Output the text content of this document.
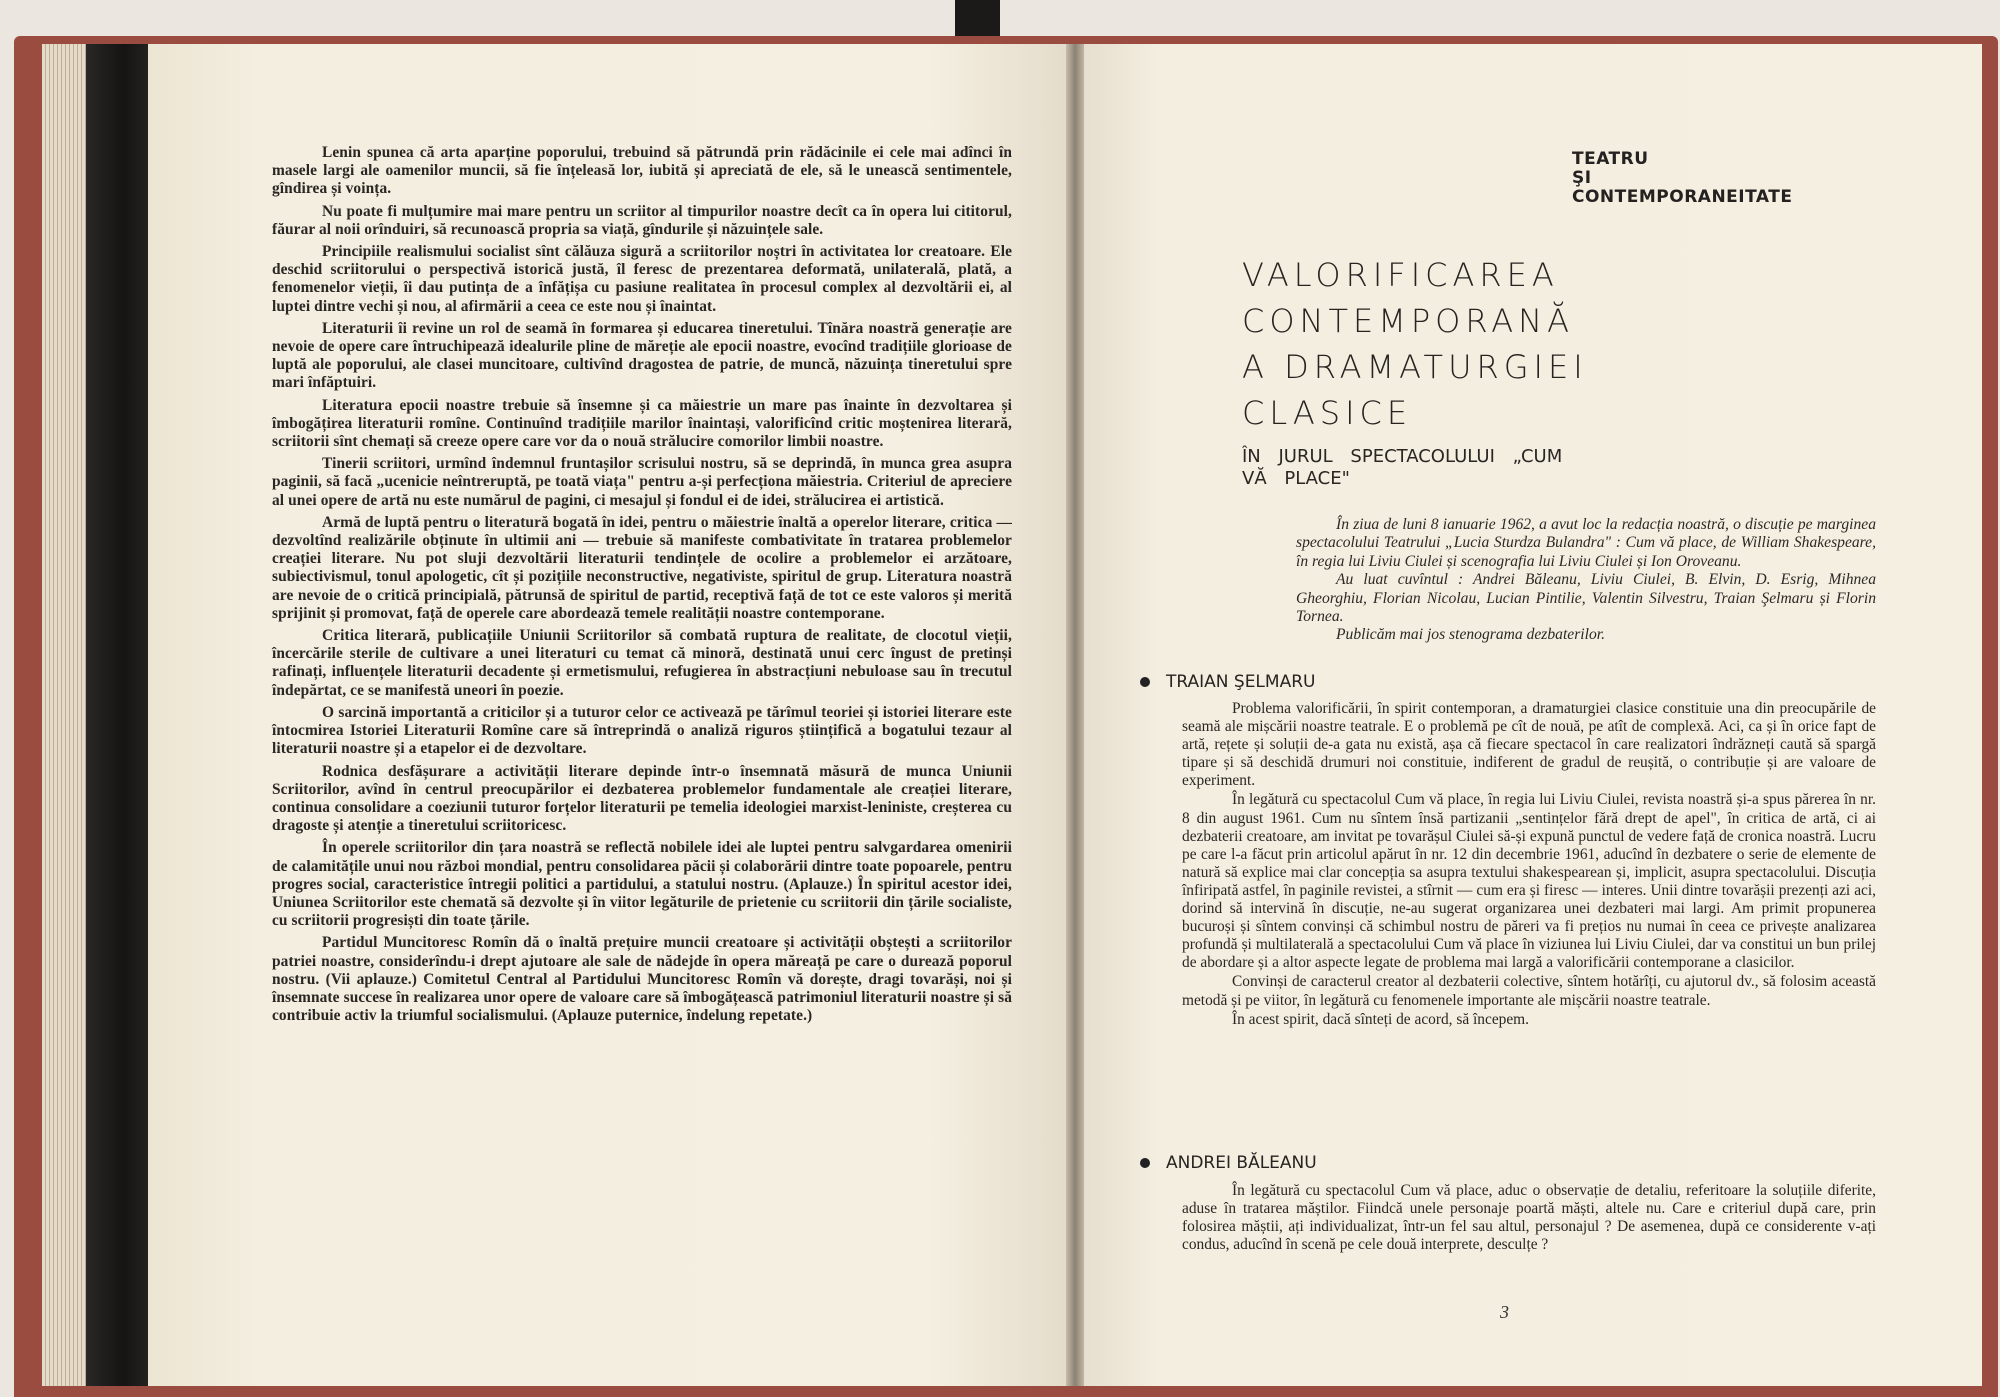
Lenin spunea că arta aparține poporului, trebuind să pătrundă prin rădăcinile ei cele mai adînci în masele largi ale oamenilor muncii, să fie înțeleasă lor, iubită și apreciată de ele, să le unească sentimentele, gîndirea și voința.

Nu poate fi mulțumire mai mare pentru un scriitor al timpurilor noastre decît ca în opera lui cititorul, făurar al noii orînduiri, să recunoască propria sa viață, gîndurile și năzuințele sale.

Principiile realismului socialist sînt călăuza sigură a scriitorilor noștri în activitatea lor creatoare. Ele deschid scriitorului o perspectivă istorică justă, îl feresc de prezentarea deformată, unilaterală, plată, a fenomenelor vieții, îi dau putința de a înfățișa cu pasiune realitatea în procesul complex al dezvoltării ei, al luptei dintre vechi și nou, al afirmării a ceea ce este nou și înaintat.

Literaturii îi revine un rol de seamă în formarea și educarea tineretului. Tînăra noastră generație are nevoie de opere care întruchipează idealurile pline de măreție ale epocii noastre, evocînd tradițiile glorioase de luptă ale poporului, ale clasei muncitoare, cultivînd dragostea de patrie, de muncă, năzuința tineretului spre mari înfăptuiri.

Literatura epocii noastre trebuie să însemne și ca măiestrie un mare pas înainte în dezvoltarea și îmbogățirea literaturii romîne. Continuînd tradițiile marilor înaintași, valorificînd critic moștenirea literară, scriitorii sînt chemați să creeze opere care vor da o nouă strălucire comorilor limbii noastre.

Tinerii scriitori, urmînd îndemnul fruntașilor scrisului nostru, să se deprindă, în munca grea asupra paginii, să facă „ucenicie neîntreruptă, pe toată viața" pentru a-și perfecționa măiestria. Criteriul de apreciere al unei opere de artă nu este numărul de pagini, ci mesajul și fondul ei de idei, strălucirea ei artistică.

Armă de luptă pentru o literatură bogată în idei, pentru o măiestrie înaltă a operelor literare, critica — dezvoltînd realizările obținute în ultimii ani — trebuie să manifeste combativitate în tratarea problemelor creației literare. Nu pot sluji dezvoltării literaturii tendințele de ocolire a problemelor ei arzătoare, subiectivismul, tonul apologetic, cît și pozițiile neconstructive, negativiste, spiritul de grup. Literatura noastră are nevoie de o critică principială, pătrunsă de spiritul de partid, receptivă față de tot ce este valoros și merită sprijinit și promovat, față de operele care abordează temele realității noastre contemporane.

Critica literară, publicațiile Uniunii Scriitorilor să combată ruptura de realitate, de clocotul vieții, încercările sterile de cultivare a unei literaturi cu temat că minoră, destinată unui cerc îngust de pretinși rafinați, influențele literaturii decadente și ermetismului, refugierea în abstracțiuni nebuloase sau în trecutul îndepărtat, ce se manifestă uneori în poezie.

O sarcină importantă a criticilor și a tuturor celor ce activează pe tărîmul teoriei și istoriei literare este întocmirea Istoriei Literaturii Romîne care să întreprindă o analiză riguros științifică a bogatului tezaur al literaturii noastre și a etapelor ei de dezvoltare.

Rodnica desfășurare a activității literare depinde într-o însemnată măsură de munca Uniunii Scriitorilor, avînd în centrul preocupărilor ei dezbaterea problemelor fundamentale ale creației literare, continua consolidare a coeziunii tuturor forțelor literaturii pe temelia ideologiei marxist-leniniste, creșterea cu dragoste și atenție a tineretului scriitoricesc.

În operele scriitorilor din țara noastră se reflectă nobilele idei ale luptei pentru salvgardarea omenirii de calamitățile unui nou război mondial, pentru consolidarea păcii și colaborării dintre toate popoarele, pentru progres social, caracteristice întregii politici a partidului, a statului nostru. (Aplauze.) În spiritul acestor idei, Uniunea Scriitorilor este chemată să dezvolte și în viitor legăturile de prietenie cu scriitorii din țările socialiste, cu scriitorii progresiști din toate țările.

Partidul Muncitoresc Romîn dă o înaltă prețuire muncii creatoare și activității obștești a scriitorilor patriei noastre, considerîndu-i drept ajutoare ale sale de nădejde în opera măreață pe care o durează poporul nostru. (Vii aplauze.) Comitetul Central al Partidului Muncitoresc Romîn vă dorește, dragi tovarăși, noi și însemnate succese în realizarea unor opere de valoare care să îmbogățească patrimoniul literaturii noastre și să contribuie activ la triumful socialismului. (Aplauze puternice, îndelung repetate.)

TEATRU
ŞI
CONTEMPORANEITATE
VALORIFICAREA
CONTEMPORANĂ
A DRAMATURGIEI
CLASICE
ÎN JURUL SPECTACOLULUI „CUM
VĂ PLACE"

În ziua de luni 8 ianuarie 1962, a avut loc la redacția noastră, o discuție pe marginea spectacolului Teatrului „Lucia Sturdza Bulandra" : Cum vă place, de William Shakespeare, în regia lui Liviu Ciulei și scenografia lui Liviu Ciulei și Ion Oroveanu.

Au luat cuvîntul : Andrei Băleanu, Liviu Ciulei, B. Elvin, D. Esrig, Mihnea Gheorghiu, Florian Nicolau, Lucian Pintilie, Valentin Silvestru, Traian Şelmaru și Florin Tornea.

Publicăm mai jos stenograma dezbaterilor.

TRAIAN ŞELMARU

Problema valorificării, în spirit contemporan, a dramaturgiei clasice constituie una din preocupările de seamă ale mișcării noastre teatrale. E o problemă pe cît de nouă, pe atît de complexă. Aci, ca și în orice fapt de artă, rețete și soluții de-a gata nu există, așa că fiecare spectacol în care realizatori îndrăzneți caută să spargă tipare și să deschidă drumuri noi constituie, indiferent de gradul de reușită, o contribuție și are valoare de experiment.

În legătură cu spectacolul Cum vă place, în regia lui Liviu Ciulei, revista noastră și-a spus părerea în nr. 8 din august 1961. Cum nu sîntem însă partizanii „sentințelor fără drept de apel", în critica de artă, ci ai dezbaterii creatoare, am invitat pe tovarășul Ciulei să-și expună punctul de vedere față de cronica noastră. Lucru pe care l-a făcut prin articolul apărut în nr. 12 din decembrie 1961, aducînd în dezbatere o serie de elemente de natură să explice mai clar concepția sa asupra textului shakespearean și, implicit, asupra spectacolului. Discuția înfiripată astfel, în paginile revistei, a stîrnit — cum era și firesc — interes. Unii dintre tovarășii prezenți azi aci, dorind să intervină în discuție, ne-au sugerat organizarea unei dezbateri mai largi. Am primit propunerea bucuroși și sîntem convinși că schimbul nostru de păreri va fi prețios nu numai în ceea ce privește analizarea profundă și multilaterală a spectacolului Cum vă place în viziunea lui Liviu Ciulei, dar va constitui un bun prilej de abordare și a altor aspecte legate de problema mai largă a valorificării contemporane a clasicilor.

Convinși de caracterul creator al dezbaterii colective, sîntem hotărîți, cu ajutorul dv., să folosim această metodă și pe viitor, în legătură cu fenomenele importante ale mișcării noastre teatrale.

În acest spirit, dacă sînteți de acord, să începem.

ANDREI BĂLEANU

În legătură cu spectacolul Cum vă place, aduc o observație de detaliu, referitoare la soluțiile diferite, aduse în tratarea măștilor. Fiindcă unele personaje poartă măști, altele nu. Care e criteriul după care, prin folosirea măștii, ați individualizat, într-un fel sau altul, personajul ? De asemenea, după ce considerente v-ați condus, aducînd în scenă pe cele două interprete, desculțe ?

3
